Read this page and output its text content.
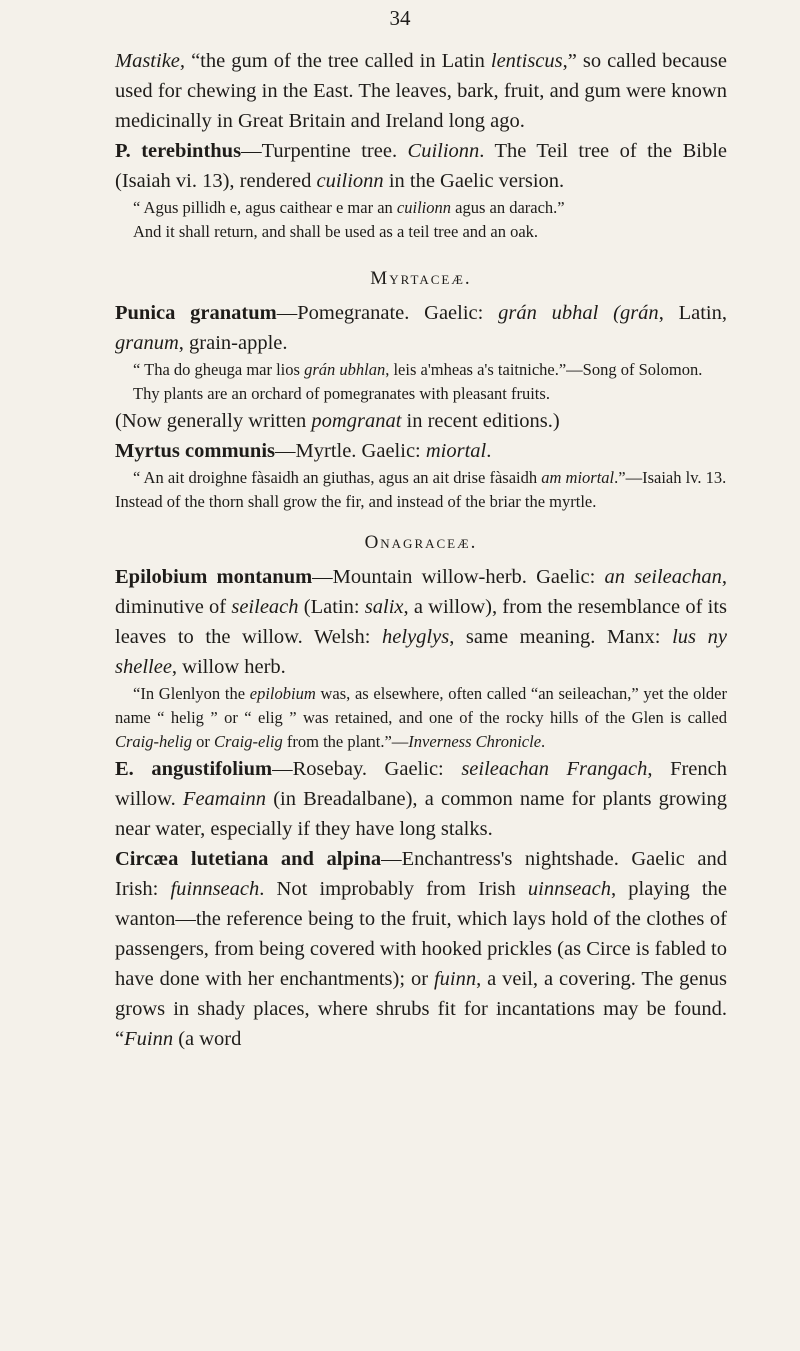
34

Mastike, “the gum of the tree called in Latin lentiscus,” so called because used for chewing in the East. The leaves, bark, fruit, and gum were known medicinally in Great Britain and Ireland long ago.

P. terebinthus—Turpentine tree. Cuilionn. The Teil tree of the Bible (Isaiah vi. 13), rendered cuilionn in the Gaelic version.

“ Agus pillidh e, agus caithear e mar an cuilionn agus an darach.”

And it shall return, and shall be used as a teil tree and an oak.

Myrtaceæ.

Punica granatum—Pomegranate. Gaelic: grán ubhal (grán, Latin, granum, grain-apple.

“ Tha do gheuga mar lios grán ubhlan, leis a'mheas a's taitniche.”—Song of Solomon.

Thy plants are an orchard of pomegranates with pleasant fruits.

(Now generally written pomgranat in recent editions.)

Myrtus communis—Myrtle. Gaelic: miortal.

“ An ait droighne fàsaidh an giuthas, agus an ait drise fàsaidh am miortal.”—Isaiah lv. 13.

Instead of the thorn shall grow the fir, and instead of the briar the myrtle.

Onagraceæ.

Epilobium montanum—Mountain willow-herb. Gaelic: an seileachan, diminutive of seileach (Latin: salix, a willow), from the resemblance of its leaves to the willow. Welsh: helyglys, same meaning. Manx: lus ny shellee, willow herb.

“In Glenlyon the epilobium was, as elsewhere, often called “an seileachan,” yet the older name “ helig ” or “ elig ” was retained, and one of the rocky hills of the Glen is called Craig-helig or Craig-elig from the plant.”—Inverness Chronicle.

E. angustifolium—Rosebay. Gaelic: seileachan Frangach, French willow. Feamainn (in Breadalbane), a common name for plants growing near water, especially if they have long stalks.

Circæa lutetiana and alpina—Enchantress's nightshade. Gaelic and Irish: fuinnseach. Not improbably from Irish uinnseach, playing the wanton—the reference being to the fruit, which lays hold of the clothes of passengers, from being covered with hooked prickles (as Circe is fabled to have done with her enchantments); or fuinn, a veil, a covering. The genus grows in shady places, where shrubs fit for incantations may be found. “Fuinn (a word
